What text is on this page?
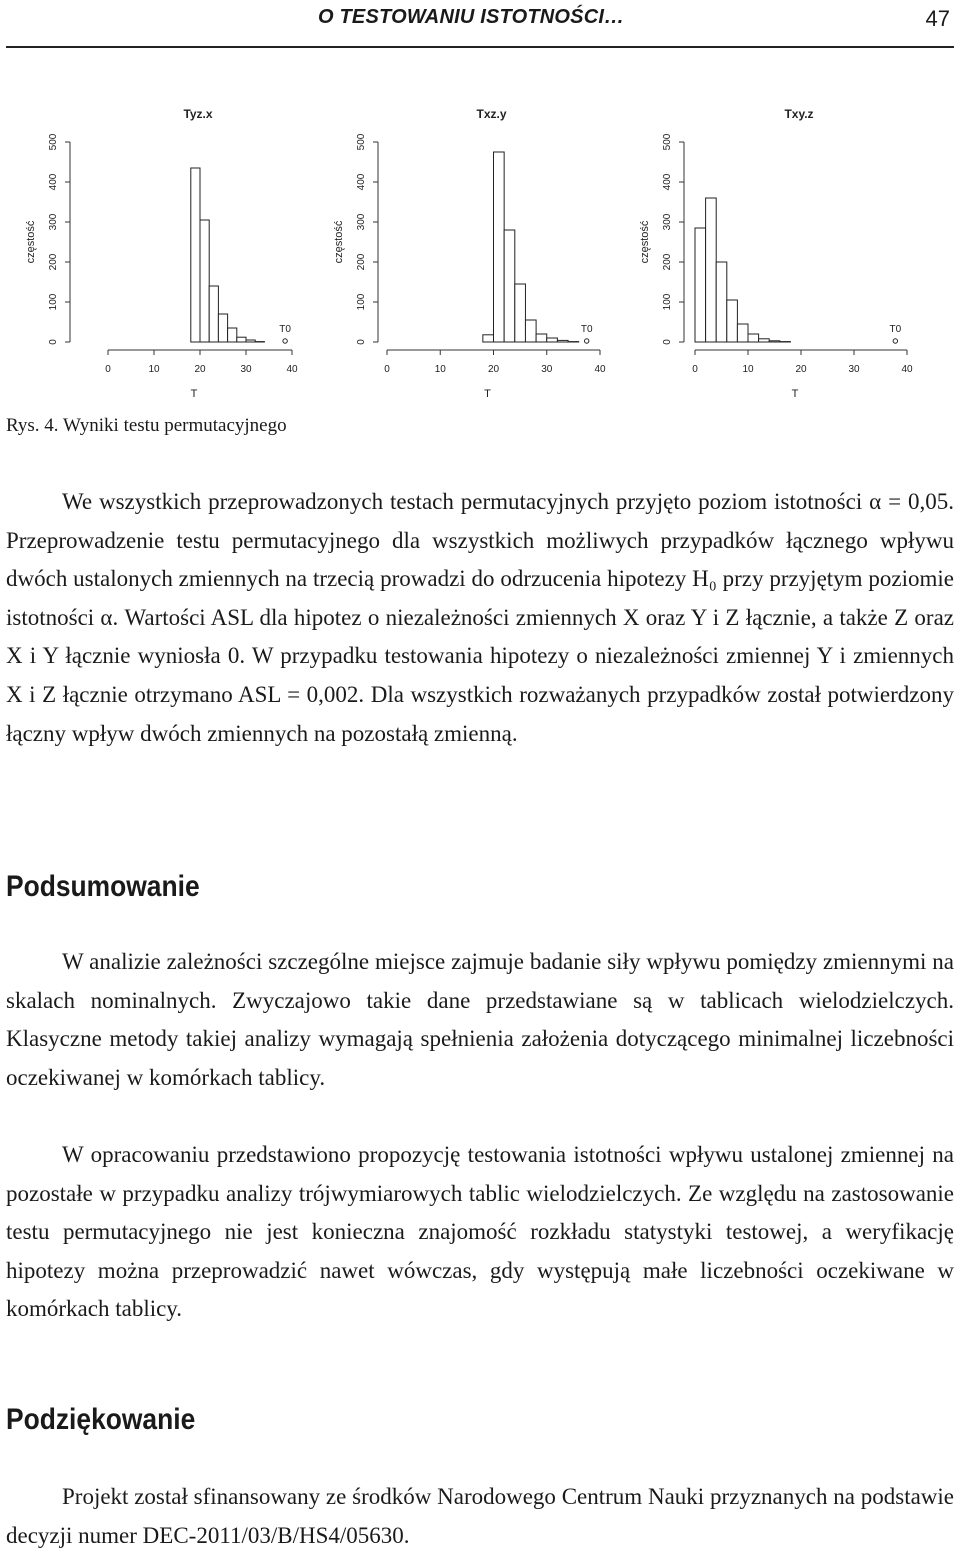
O TESTOWANIU ISTOTNOŚCI…	47
Tyz.x
0
100
200
300
400
500
częstość
0	10	20	30	40
T
T0
Txz.y
0
100
200
300
400
500
częstość
0	10	20	30	40
T
T0
Txy.z
0
100
200
300
400
500
częstość
0	10	20	30	40
T
T0
Rys. 4. Wyniki testu permutacyjnego

We wszystkich przeprowadzonych testach permutacyjnych przyjęto poziom istotności α = 0,05. Przeprowadzenie testu permutacyjnego dla wszystkich możliwych przypadków łącznego wpływu dwóch ustalonych zmiennych na trzecią prowadzi do odrzucenia hipotezy H₀ przy przyjętym poziomie istotności α. Wartości ASL dla hipotez o niezależności zmiennych X oraz Y i Z łącznie, a także Z oraz X i Y łącznie wyniosła 0. W przypadku testowania hipotezy o niezależności zmiennej Y i zmiennych X i Z łącznie otrzymano ASL = 0,002. Dla wszystkich rozważanych przypadków został potwierdzony łączny wpływ dwóch zmiennych na pozostałą zmienną.

Podsumowanie

W analizie zależności szczególne miejsce zajmuje badanie siły wpływu pomiędzy zmiennymi na skalach nominalnych. Zwyczajowo takie dane przedstawiane są w tablicach wielodzielczych. Klasyczne metody takiej analizy wymagają spełnienia założenia dotyczącego minimalnej liczebności oczekiwanej w komórkach tablicy.

W opracowaniu przedstawiono propozycję testowania istotności wpływu ustalonej zmiennej na pozostałe w przypadku analizy trójwymiarowych tablic wielodzielczych. Ze względu na zastosowanie testu permutacyjnego nie jest konieczna znajomość rozkładu statystyki testowej, a weryfikację hipotezy można przeprowadzić nawet wówczas, gdy występują małe liczebności oczekiwane w komórkach tablicy.

Podziękowanie

Projekt został sfinansowany ze środków Narodowego Centrum Nauki przyznanych na podstawie decyzji numer DEC-2011/03/B/HS4/05630.
